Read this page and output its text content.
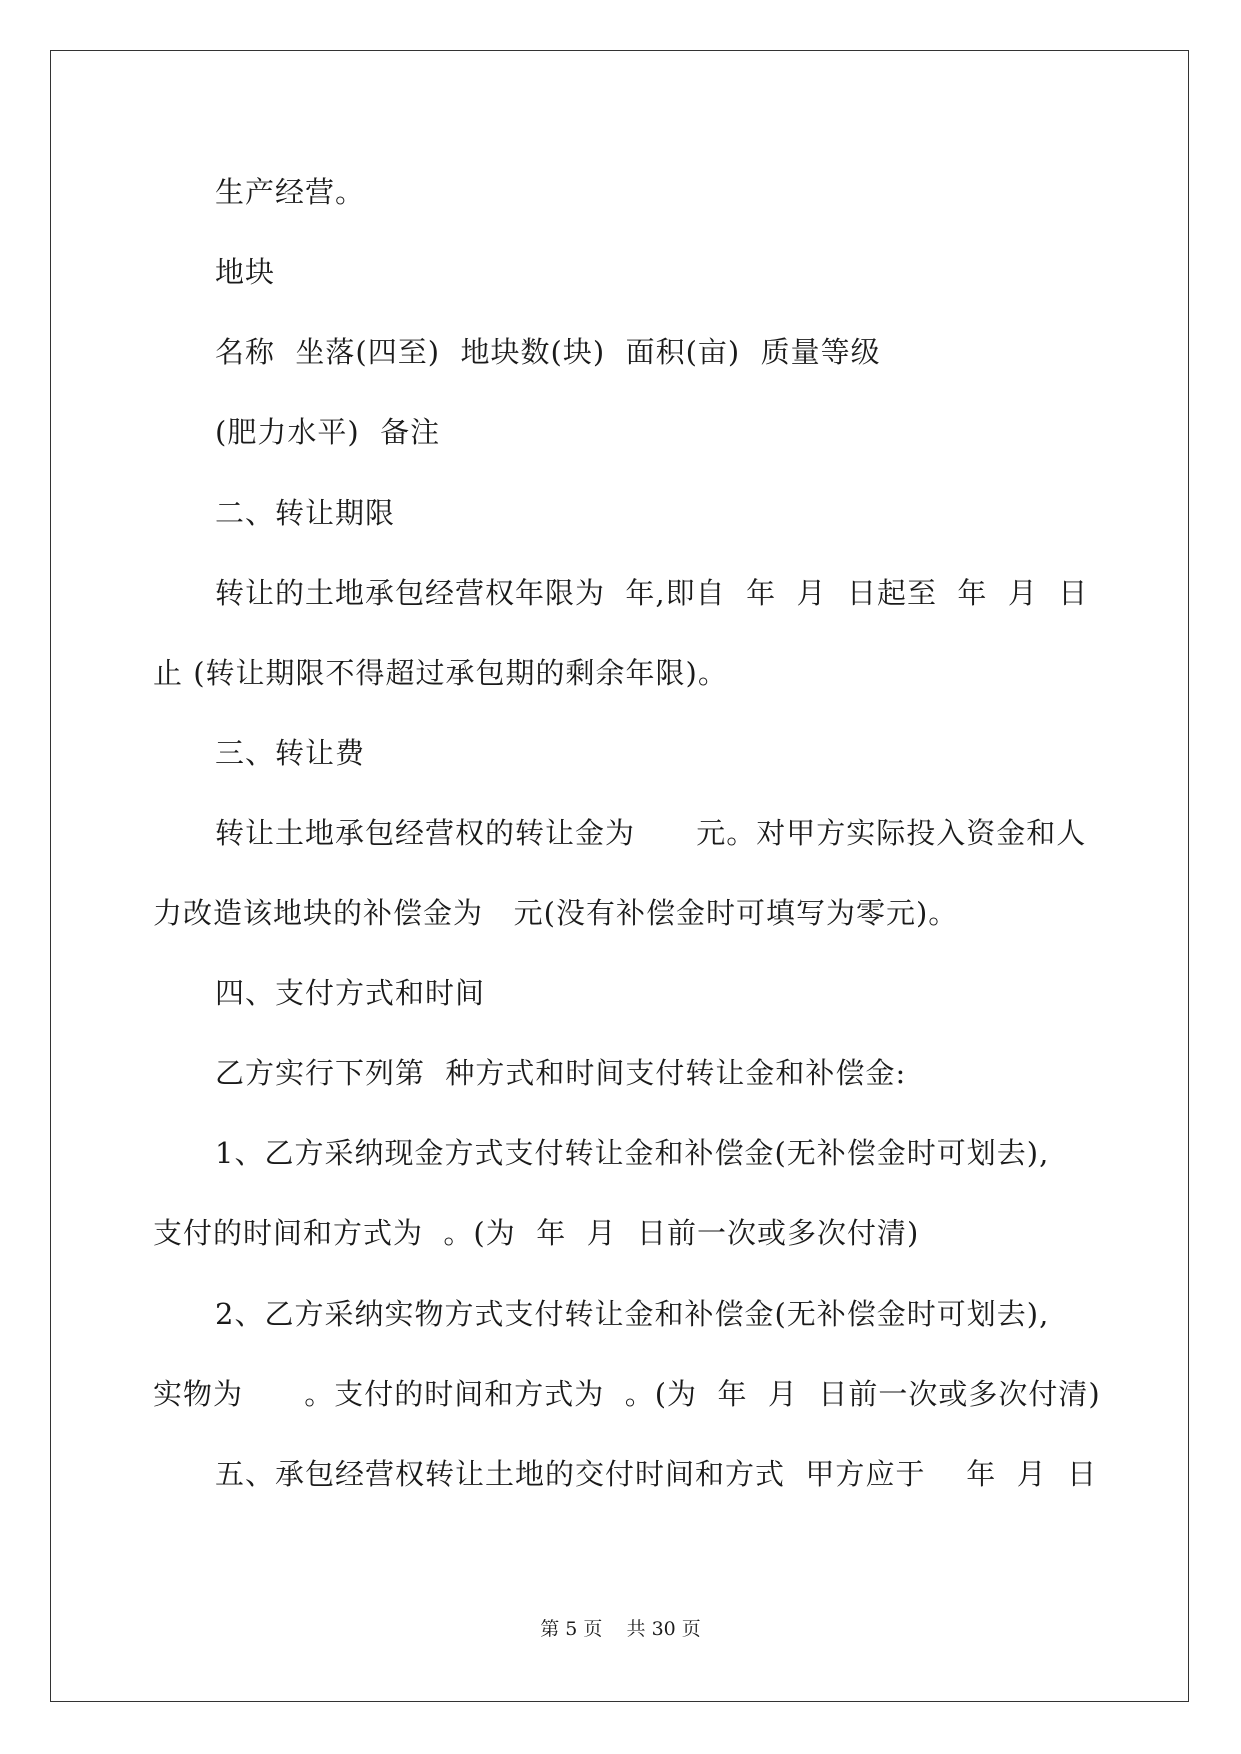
生产经营。
地块
名称  坐落(四至)  地块数(块)  面积(亩)  质量等级
(肥力水平)  备注
二、转让期限
转让的土地承包经营权年限为  年,即自  年  月  日起至  年  月  日
止 (转让期限不得超过承包期的剩余年限)。
三、转让费
转让土地承包经营权的转让金为      元。对甲方实际投入资金和人
力改造该地块的补偿金为   元(没有补偿金时可填写为零元)。
四、支付方式和时间
乙方实行下列第  种方式和时间支付转让金和补偿金:
1、乙方采纳现金方式支付转让金和补偿金(无补偿金时可划去),
支付的时间和方式为  。(为  年  月  日前一次或多次付清)
2、乙方采纳实物方式支付转让金和补偿金(无补偿金时可划去),
实物为      。支付的时间和方式为  。(为  年  月  日前一次或多次付清)
五、承包经营权转让土地的交付时间和方式  甲方应于    年  月  日
第 5 页    共 30 页
